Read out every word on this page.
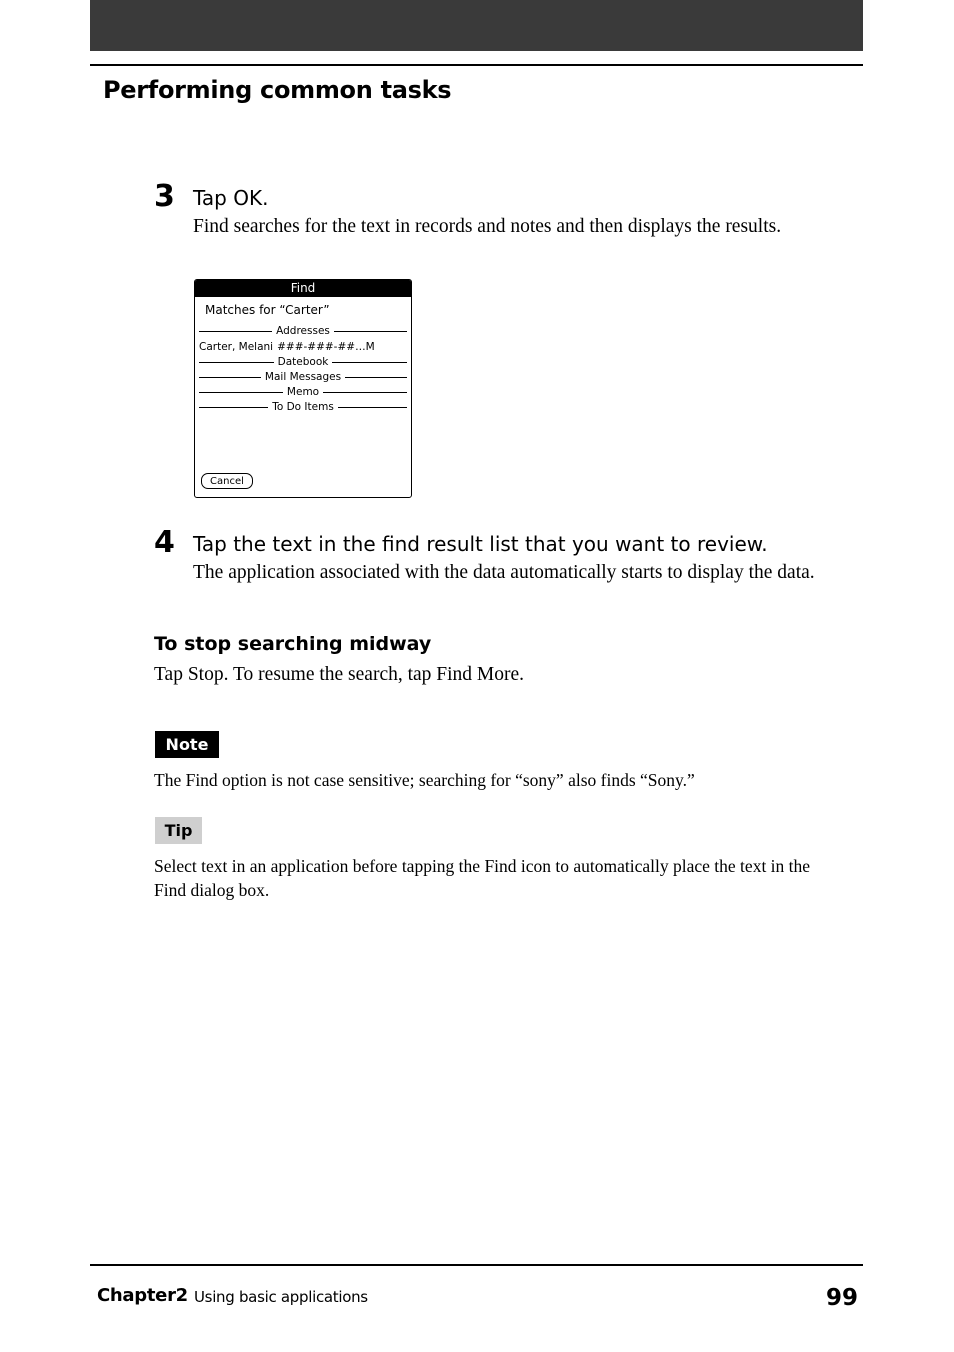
Performing common tasks
3 Tap OK.
Find searches for the text in records and notes and then displays the results.
Find
Matches for “Carter”
Addresses
Carter, Melani ###-###-##…M
Datebook
Mail Messages
Memo
To Do Items
Cancel
4 Tap the text in the find result list that you want to review.
The application associated with the data automatically starts to display the data.
To stop searching midway
Tap Stop. To resume the search, tap Find More.
Note
The Find option is not case sensitive; searching for “sony” also finds “Sony.”
Tip
Select text in an application before tapping the Find icon to automatically place the text in the Find dialog box.
Chapter2 Using basic applications	99
